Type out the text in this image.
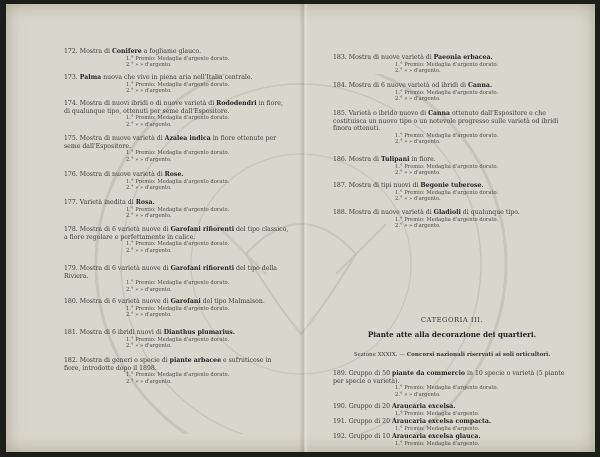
172. Mostra di Conifere a fogliame glauco.
1.° Premio: Medaglia d'argento dorato.
2.° » » d'argento.
173. Palma nuova che vive in piena aria nell'Italia centrale.
1.° Premio: Medaglia d'argento dorato.
2.° » » d'argento.
174. Mostra di nuovi ibridi o di nuove varietà di Rododendri in fiore, di qualunque tipo, ottenuti per seme dall'Espositore.
1.° Premio: Medaglia d'argento dorato.
2.° » » d'argento.
175. Mostra di nuove varietà di Azalea indica in fiore ottenute per seme dall'Espositore.
1.° Premio: Medaglia d'argento dorato.
2.° » » d'argento.
176. Mostra di nuove varietà di Rose.
1.° Premio: Medaglia d'argento dorato.
2.° » » d'argento.
177. Varietà inedita di Rosa.
1.° Premio: Medaglia d'argento dorato.
2.° » » d'argento.
178. Mostra di 6 varietà nuove di Garofani rifiorenti del tipo classico, a fiore regolare e perfettamente in calice.
1.° Premio: Medaglia d'argento dorato.
2.° » » d'argento.
179. Mostra di 6 varietà nuove di Garofani rifiorenti del tipo della Riviera.
1.° Premio: Medaglia d'argento dorato.
2.° » » d'argento.
180. Mostra di 6 varietà nuove di Garofani del tipo Malmaison.
1.° Premio: Medaglia d'argento dorato.
2.° » » d'argento.
181. Mostra di 6 ibridi nuovi di Dianthus plumarius.
1.° Premio: Medaglia d'argento dorato.
2.° » » d'argento.
182. Mostra di generi o specie di piante arbacee e sufruticose in fiore, introdotte dopo il 1898.
1.° Premio: Medaglia d'argento dorato.
2.° » » d'argento.
CATEGORIA III.
Piante atte alla decorazione dei quartieri.
Sezione XXXIX. — Concorsi nazionali riservati ai soli orticultori.
183. Mostra di nuove varietà di Paeonia erbacea.
1.° Premio: Medaglia d'argento dorato.
2.° » » d'argento.
184. Mostra di 6 nuove varietà od ibridi di Canna.
1.° Premio: Medaglia d'argento dorato.
2.° » » d'argento.
185. Varietà o ibrido nuovo di Canna ottenuto dall'Espositore e che costituisca un nuovo tipo o un notevole progresso sulle varietà od ibridi finora ottenuti.
1.° Premio: Medaglia d'argento dorato.
2.° » » d'argento.
186. Mostra di Tulipani in fiore.
1.° Premio: Medaglia d'argento dorato.
2.° » » d'argento.
187. Mostra di tipi nuovi di Begonie tuberose.
1.° Premio: Medaglia d'argento dorato.
2.° » » d'argento.
188. Mostra di nuove varietà di Gladioli di qualunque tipo.
1.° Premio: Medaglia d'argento dorato.
2.° » » d'argento.
189. Gruppo di 50 piante da commercio in 10 specie o varietà (5 piante per specie o varietà).
1.° Premio: Medaglia d'argento dorato.
2.° » » d'argento.
190. Gruppo di 20 Araucaria excelsa.
1.° Premio: Medaglia d'argento.
191. Gruppo di 20 Araucaria excelsa compacta.
1.° Premio: Medaglia d'argento.
192. Gruppo di 10 Araucaria excelsa glauca.
1.° Premio: Medaglia d'argento.
